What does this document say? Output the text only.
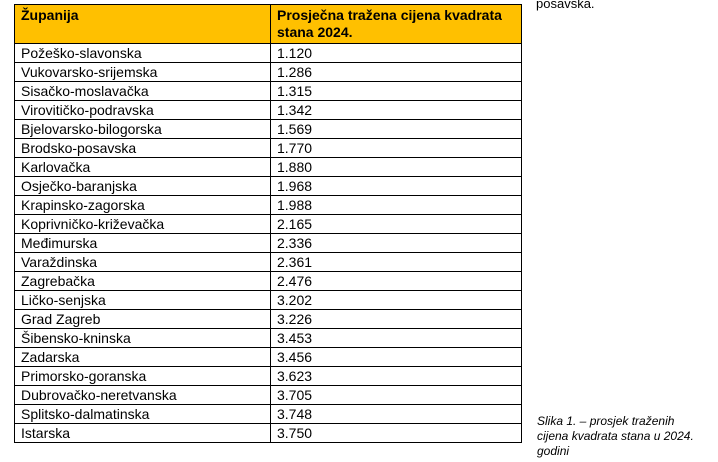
posavska.
Županija	Prosječna tražena cijena kvadrata stana 2024.
Požeško-slavonska	1.120
Vukovarsko-srijemska	1.286
Sisačko-moslavačka	1.315
Virovitičko-podravska	1.342
Bjelovarsko-bilogorska	1.569
Brodsko-posavska	1.770
Karlovačka	1.880
Osječko-baranjska	1.968
Krapinsko-zagorska	1.988
Koprivničko-križevačka	2.165
Međimurska	2.336
Varaždinska	2.361
Zagrebačka	2.476
Ličko-senjska	3.202
Grad Zagreb	3.226
Šibensko-kninska	3.453
Zadarska	3.456
Primorsko-goranska	3.623
Dubrovačko-neretvanska	3.705
Splitsko-dalmatinska	3.748
Istarska	3.750
Slika 1. – prosjek traženih cijena kvadrata stana u 2024. godini
